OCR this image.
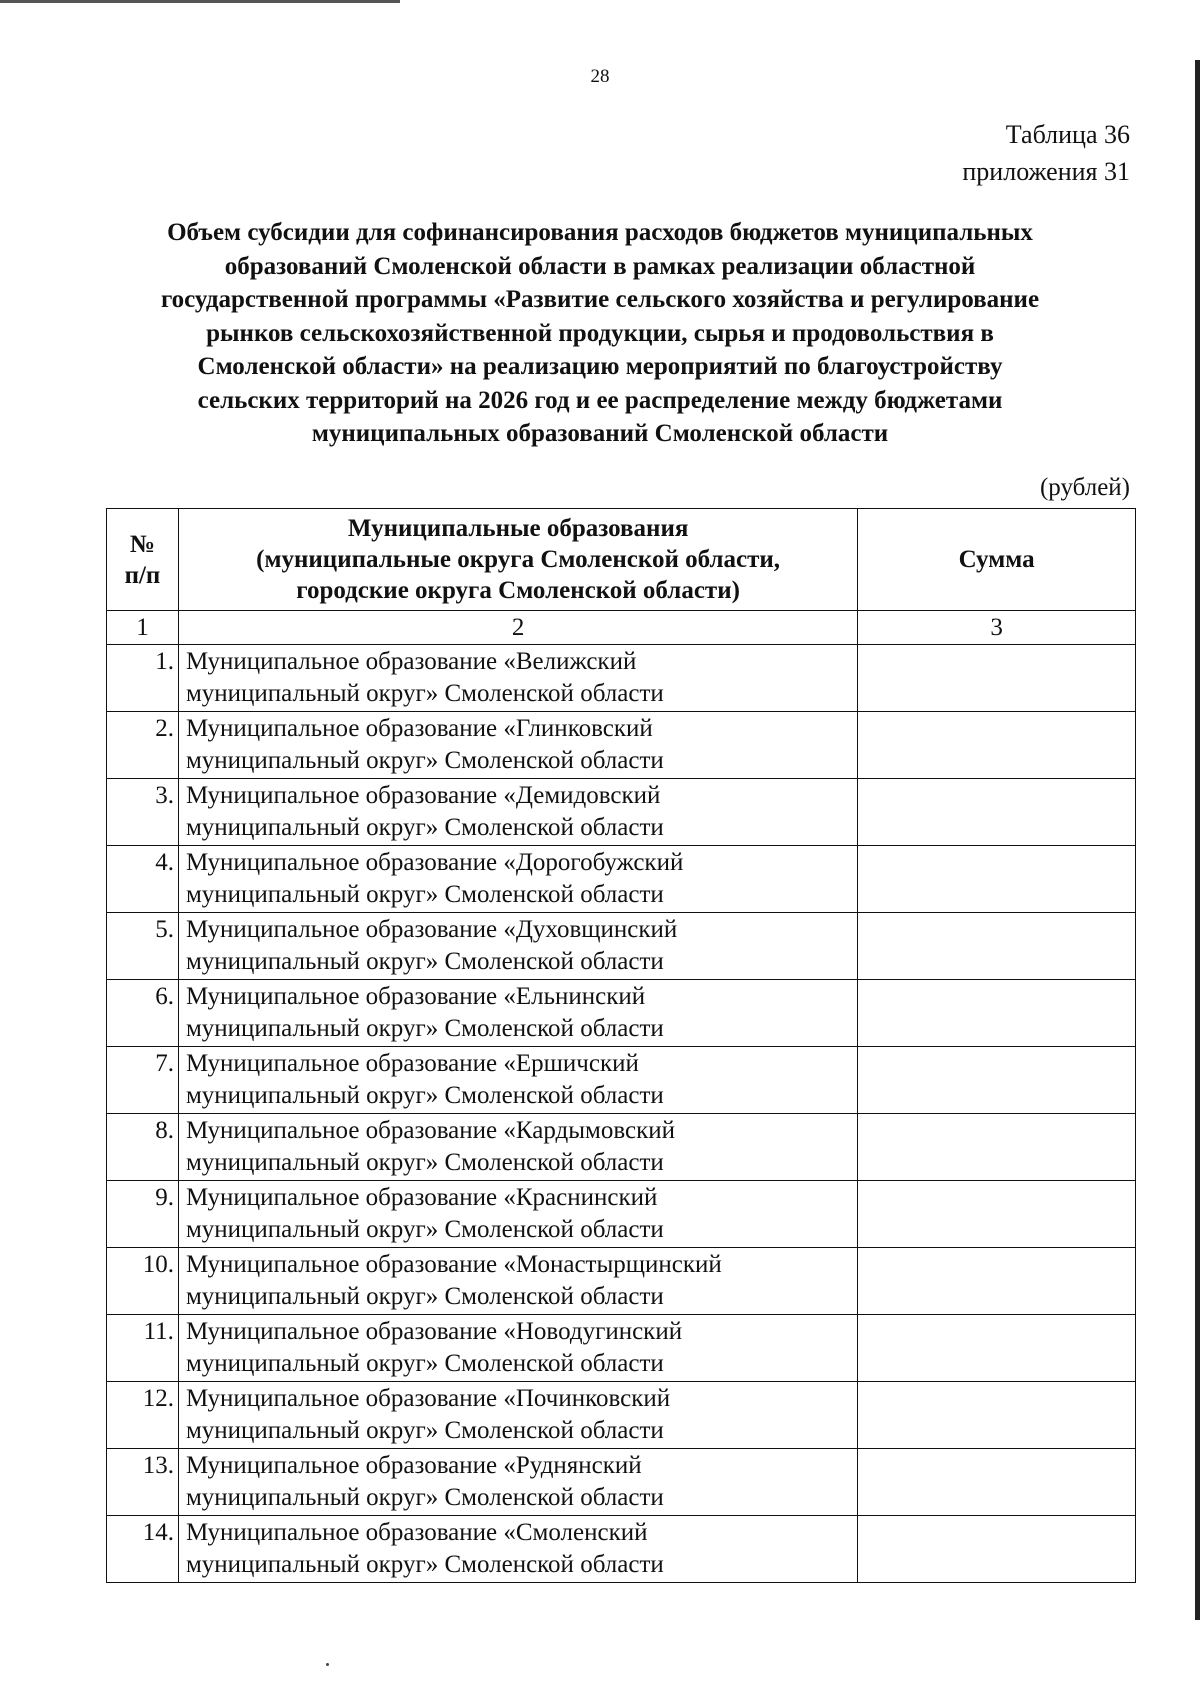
28
Таблица 36
приложения 31
Объем субсидии для софинансирования расходов бюджетов муниципальных
образований Смоленской области в рамках реализации областной
государственной программы «Развитие сельского хозяйства и регулирование
рынков сельскохозяйственной продукции, сырья и продовольствия в
Смоленской области» на реализацию мероприятий по благоустройству
сельских территорий на 2026 год и ее распределение между бюджетами
муниципальных образований Смоленской области
(рублей)
№
п/п	Муниципальные образования
(муниципальные округа Смоленской области,
городские округа Смоленской области)	Сумма
1	2	3
1.	Муниципальное образование «Велижский
муниципальный округ» Смоленской области	

2.	Муниципальное образование «Глинковский
муниципальный округ» Смоленской области	

3.	Муниципальное образование «Демидовский
муниципальный округ» Смоленской области	

4.	Муниципальное образование «Дорогобужский
муниципальный округ» Смоленской области	

5.	Муниципальное образование «Духовщинский
муниципальный округ» Смоленской области	

6.	Муниципальное образование «Ельнинский
муниципальный округ» Смоленской области	

7.	Муниципальное образование «Ершичский
муниципальный округ» Смоленской области	

8.	Муниципальное образование «Кардымовский
муниципальный округ» Смоленской области	

9.	Муниципальное образование «Краснинский
муниципальный округ» Смоленской области	

10.	Муниципальное образование «Монастырщинский
муниципальный округ» Смоленской области	

11.	Муниципальное образование «Новодугинский
муниципальный округ» Смоленской области	

12.	Муниципальное образование «Починковский
муниципальный округ» Смоленской области	

13.	Муниципальное образование «Руднянский
муниципальный округ» Смоленской области	

14.	Муниципальное образование «Смоленский
муниципальный округ» Смоленской области	
